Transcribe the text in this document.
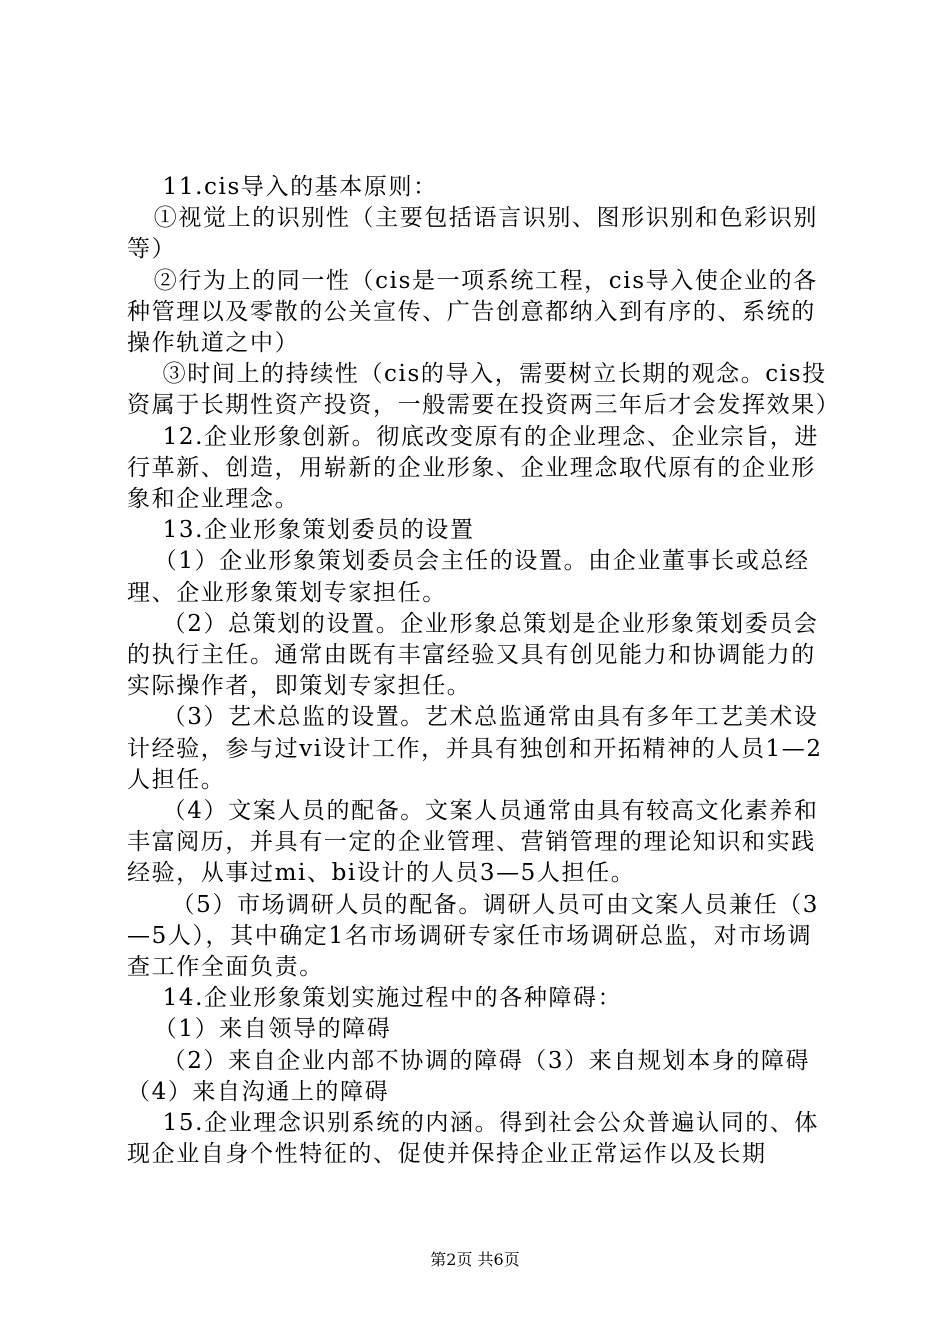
11.cis导入的基本原则：

①视觉上的识别性（主要包括语言识别、图形识别和色彩识别等）

②行为上的同一性（cis是一项系统工程，cis导入使企业的各种管理以及零散的公关宣传、广告创意都纳入到有序的、系统的操作轨道之中）

③时间上的持续性（cis的导入，需要树立长期的观念。cis投资属于长期性资产投资，一般需要在投资两三年后才会发挥效果）

12.企业形象创新。彻底改变原有的企业理念、企业宗旨，进行革新、创造，用崭新的企业形象、企业理念取代原有的企业形象和企业理念。

13.企业形象策划委员的设置

（1）企业形象策划委员会主任的设置。由企业董事长或总经理、企业形象策划专家担任。

（2）总策划的设置。企业形象总策划是企业形象策划委员会的执行主任。通常由既有丰富经验又具有创见能力和协调能力的实际操作者，即策划专家担任。

（3）艺术总监的设置。艺术总监通常由具有多年工艺美术设计经验，参与过vi设计工作，并具有独创和开拓精神的人员1—2人担任。

（4）文案人员的配备。文案人员通常由具有较高文化素养和丰富阅历，并具有一定的企业管理、营销管理的理论知识和实践经验，从事过mi、bi设计的人员3—5人担任。

（5）市场调研人员的配备。调研人员可由文案人员兼任（3—5人），其中确定1名市场调研专家任市场调研总监，对市场调查工作全面负责。

14.企业形象策划实施过程中的各种障碍：

（1）来自领导的障碍

（2）来自企业内部不协调的障碍（3）来自规划本身的障碍（4）来自沟通上的障碍

15.企业理念识别系统的内涵。得到社会公众普遍认同的、体现企业自身个性特征的、促使并保持企业正常运作以及长期

第2页 共6页
